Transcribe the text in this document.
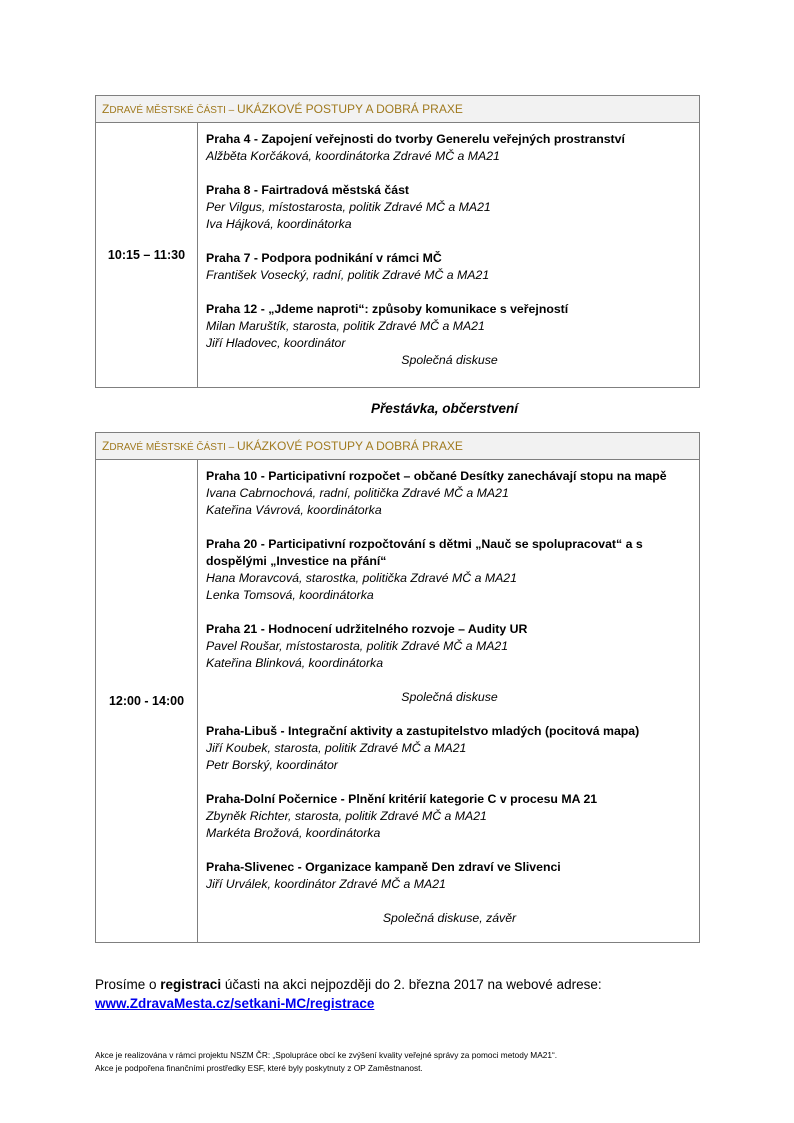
ZDRAVÉ MĚSTSKÉ ČÁSTI – UKÁZKOVÉ POSTUPY A DOBRÁ PRAXE
10:15 – 11:30
Praha 4 - Zapojení veřejnosti do tvorby Generelu veřejných prostranství
Alžběta Korčáková, koordinátorka Zdravé MČ a MA21
Praha 8 - Fairtradová městská část
Per Vilgus, místostarosta, politik Zdravé MČ a MA21
Iva Hájková, koordinátorka
Praha 7 - Podpora podnikání v rámci MČ
František Vosecký, radní, politik Zdravé MČ a MA21
Praha 12 - „Jdeme naproti“: způsoby komunikace s veřejností
Milan Maruštík, starosta, politik Zdravé MČ a MA21
Jiří Hladovec, koordinátor
Společná diskuse
Přestávka, občerstvení
ZDRAVÉ MĚSTSKÉ ČÁSTI – UKÁZKOVÉ POSTUPY A DOBRÁ PRAXE
12:00 - 14:00
Praha 10 - Participativní rozpočet – občané Desítky zanechávají stopu na mapě
Ivana Cabrnochová, radní, politička Zdravé MČ a MA21
Kateřina Vávrová, koordinátorka
Praha 20 - Participativní rozpočtování s dětmi „Nauč se spolupracovat“ a s dospělými „Investice na přání“
Hana Moravcová, starostka, politička Zdravé MČ a MA21
Lenka Tomsová, koordinátorka
Praha 21 - Hodnocení udržitelného rozvoje – Audity UR
Pavel Roušar, místostarosta, politik Zdravé MČ a MA21
Kateřina Blinková, koordinátorka
Společná diskuse
Praha-Libuš - Integrační aktivity a zastupitelstvo mladých (pocitová mapa)
Jiří Koubek, starosta, politik Zdravé MČ a MA21
Petr Borský, koordinátor
Praha-Dolní Počernice - Plnění kritérií kategorie C v procesu MA 21
Zbyněk Richter, starosta, politik Zdravé MČ a MA21
Markéta Brožová, koordinátorka
Praha-Slivenec - Organizace kampaně Den zdraví ve Slivenci
Jiří Urválek, koordinátor Zdravé MČ a MA21
Společná diskuse, závěr
Prosíme o registraci účasti na akci nejpozději do 2. března 2017 na webové adrese:
www.ZdravaMesta.cz/setkani-MC/registrace
Akce je realizována v rámci projektu NSZM ČR: „Spolupráce obcí ke zvýšení kvality veřejné správy za pomoci metody MA21“.
Akce je podpořena finančními prostředky ESF, které byly poskytnuty z OP Zaměstnanost.
